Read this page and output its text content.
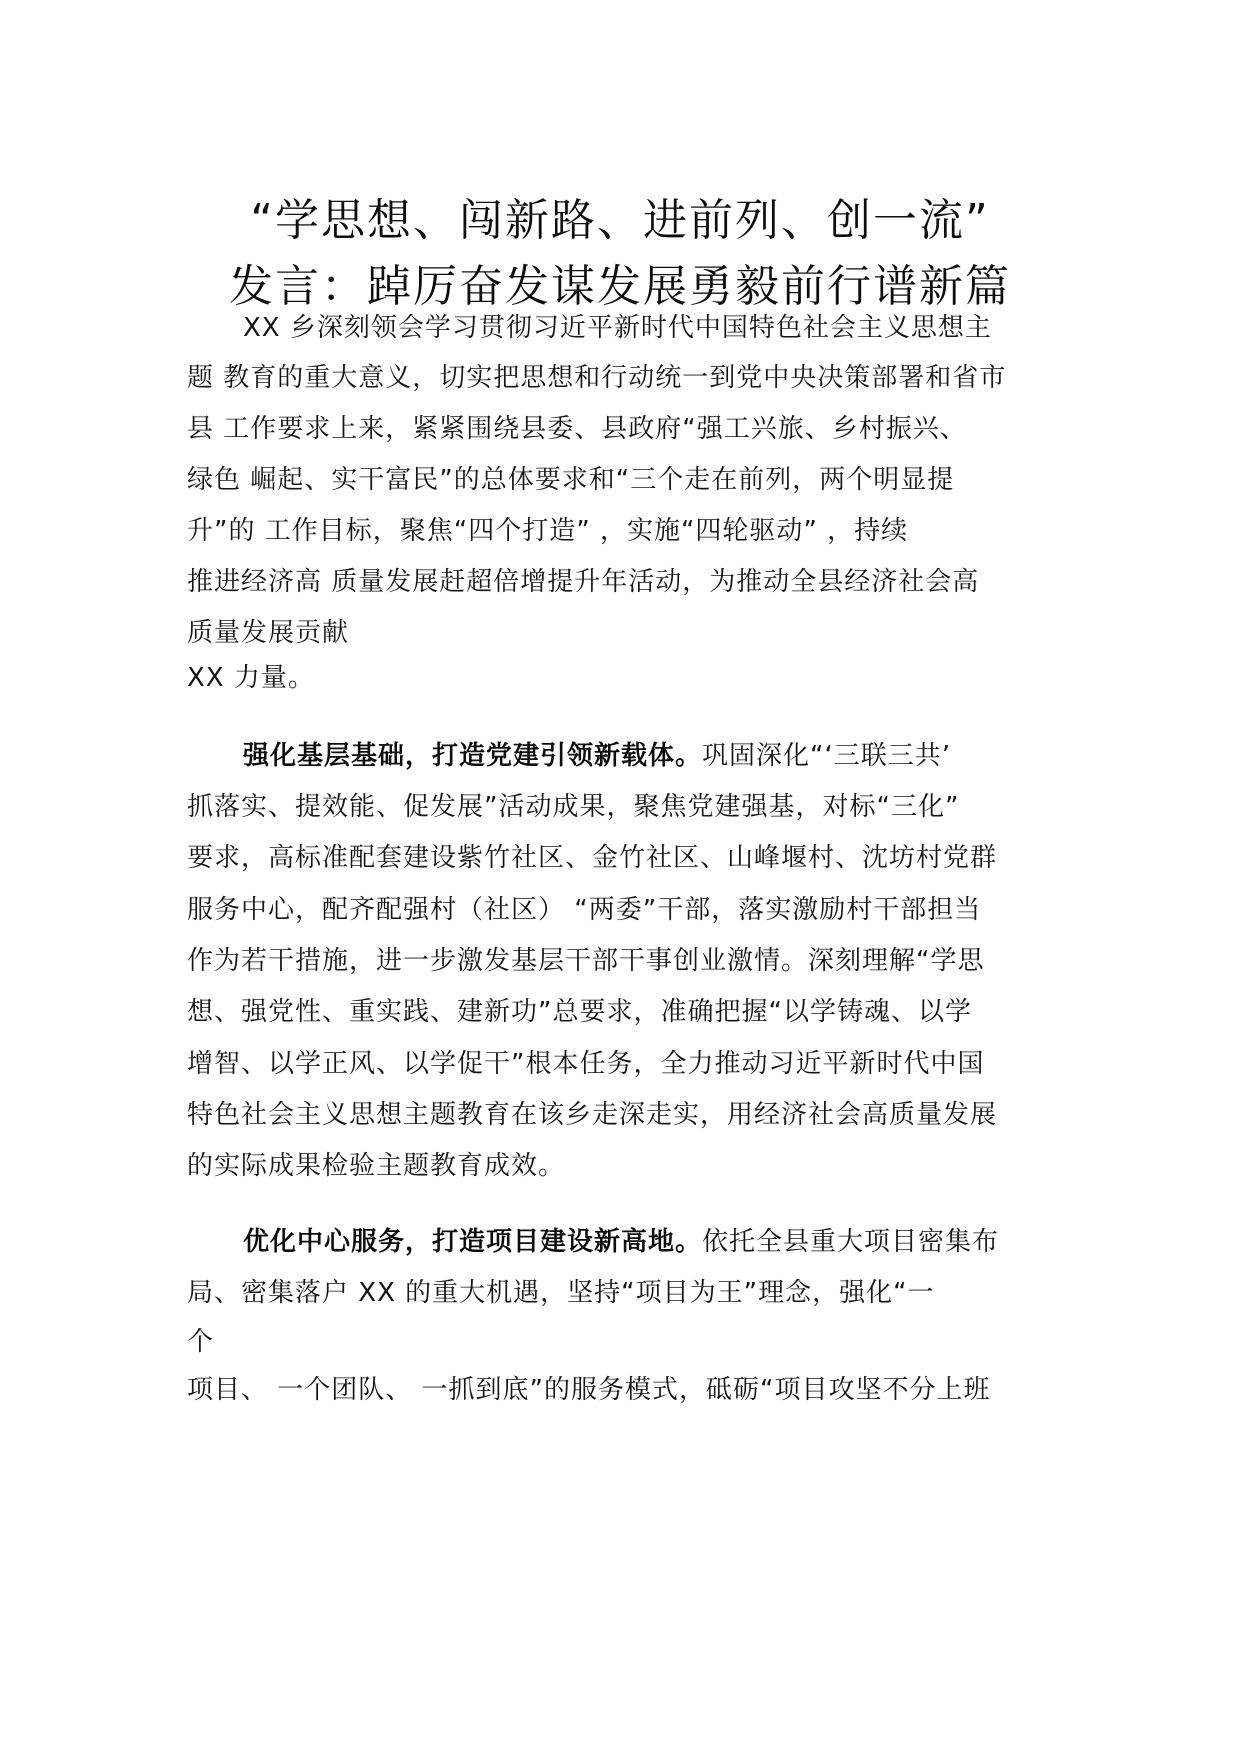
“学思想、闯新路、进前列、创一流”
发言：踔厉奋发谋发展勇毅前行谱新篇
XX 乡深刻领会学习贯彻习近平新时代中国特色社会主义思想主
题 教育的重大意义，切实把思想和行动统一到党中央决策部署和省市
县 工作要求上来，紧紧围绕县委、县政府“强工兴旅、乡村振兴、
绿色 崛起、实干富民”的总体要求和“三个走在前列，两个明显提
升”的 工作目标，聚焦“四个打造” ，实施“四轮驱动” ，持续
推进经济高 质量发展赶超倍增提升年活动，为推动全县经济社会高
质量发展贡献
XX 力量。
强化基层基础，打造党建引领新载体。巩固深化“‘三联三共’
抓落实、提效能、促发展”活动成果，聚焦党建强基，对标“三化”
要求，高标准配套建设紫竹社区、金竹社区、山峰堰村、沈坊村党群
服务中心，配齐配强村（社区） “两委”干部，落实激励村干部担当
作为若干措施，进一步激发基层干部干事创业激情。深刻理解“学思
想、强党性、重实践、建新功”总要求，准确把握“以学铸魂、以学
增智、以学正风、以学促干”根本任务，全力推动习近平新时代中国
特色社会主义思想主题教育在该乡走深走实，用经济社会高质量发展
的实际成果检验主题教育成效。
优化中心服务，打造项目建设新高地。依托全县重大项目密集布
局、密集落户 XX 的重大机遇，坚持“项目为王”理念，强化“一
个
项目、 一个团队、 一抓到底”的服务模式，砥砺“项目攻坚不分上班
